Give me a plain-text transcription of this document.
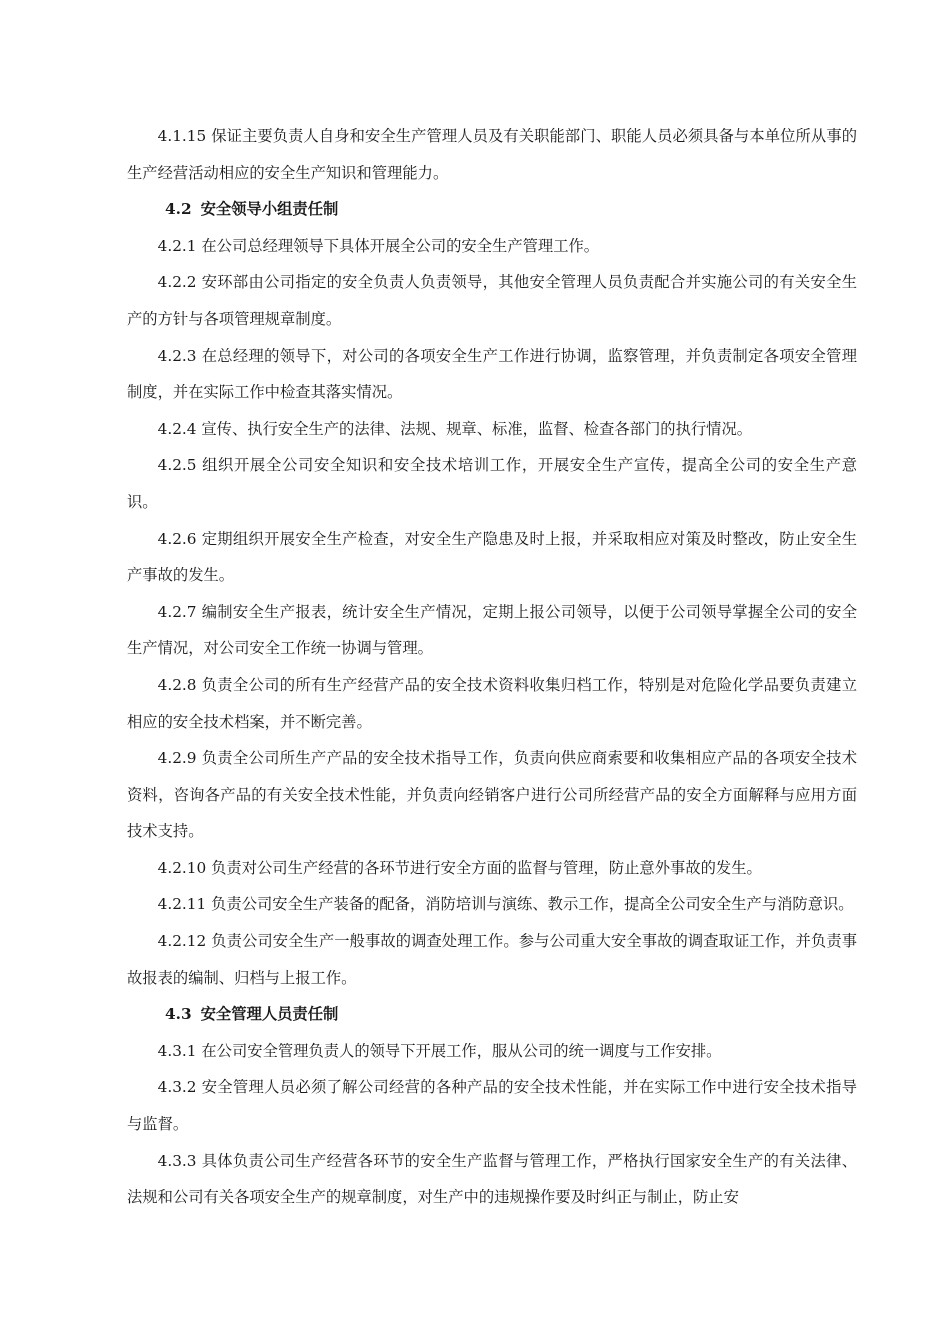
4.1.15 保证主要负责人自身和安全生产管理人员及有关职能部门、职能人员必须具备与本单位所从事的生产经营活动相应的安全生产知识和管理能力。

4.2 安全领导小组责任制

4.2.1 在公司总经理领导下具体开展全公司的安全生产管理工作。

4.2.2 安环部由公司指定的安全负责人负责领导，其他安全管理人员负责配合并实施公司的有关安全生产的方针与各项管理规章制度。

4.2.3 在总经理的领导下，对公司的各项安全生产工作进行协调，监察管理，并负责制定各项安全管理制度，并在实际工作中检查其落实情况。

4.2.4 宣传、执行安全生产的法律、法规、规章、标准，监督、检查各部门的执行情况。

4.2.5 组织开展全公司安全知识和安全技术培训工作，开展安全生产宣传，提高全公司的安全生产意识。

4.2.6 定期组织开展安全生产检查，对安全生产隐患及时上报，并采取相应对策及时整改，防止安全生产事故的发生。

4.2.7 编制安全生产报表，统计安全生产情况，定期上报公司领导，以便于公司领导掌握全公司的安全生产情况，对公司安全工作统一协调与管理。

4.2.8 负责全公司的所有生产经营产品的安全技术资料收集归档工作，特别是对危险化学品要负责建立相应的安全技术档案，并不断完善。

4.2.9 负责全公司所生产产品的安全技术指导工作，负责向供应商索要和收集相应产品的各项安全技术资料，咨询各产品的有关安全技术性能，并负责向经销客户进行公司所经营产品的安全方面解释与应用方面技术支持。

4.2.10 负责对公司生产经营的各环节进行安全方面的监督与管理，防止意外事故的发生。

4.2.11 负责公司安全生产装备的配备，消防培训与演练、教示工作，提高全公司安全生产与消防意识。

4.2.12 负责公司安全生产一般事故的调查处理工作。参与公司重大安全事故的调查取证工作，并负责事故报表的编制、归档与上报工作。

4.3 安全管理人员责任制

4.3.1 在公司安全管理负责人的领导下开展工作，服从公司的统一调度与工作安排。

4.3.2 安全管理人员必须了解公司经营的各种产品的安全技术性能，并在实际工作中进行安全技术指导与监督。

4.3.3 具体负责公司生产经营各环节的安全生产监督与管理工作，严格执行国家安全生产的有关法律、法规和公司有关各项安全生产的规章制度，对生产中的违规操作要及时纠正与制止，防止安
